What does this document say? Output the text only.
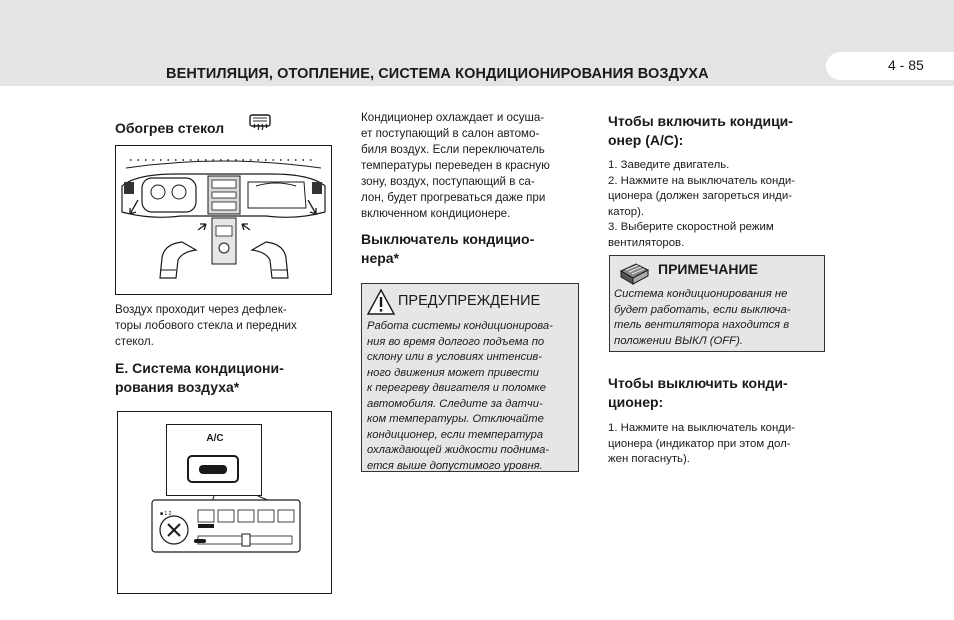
ВЕНТИЛЯЦИЯ, ОТОПЛЕНИЕ, СИСТЕМА КОНДИЦИОНИРОВАНИЯ ВОЗДУХА
4 - 85
Обогрев стекол
Воздух проходит через дефлек-
торы лобового стекла и передних
стекол.
Е. Система кондициони-
рования воздуха*
A/C
■ 1 2
Кондиционер охлаждает и осуша-
ет поступающий в салон автомо-
биля воздух. Если переключатель
температуры переведен в красную
зону, воздух, поступающий в са-
лон, будет прогреваться даже при
включенном кондиционере.
Выключатель кондицио-
нера*
ПРЕДУПРЕЖДЕНИЕ
Работа системы кондиционирова-
ния во время долгого подъема по
склону или в условиях интенсив-
ного движения может привести
к перегреву двигателя и поломке
автомобиля. Следите за датчи-
ком температуры. Отключайте
кондиционер, если температура
охлаждающей жидкости поднима-
ется выше допустимого уровня.
Чтобы включить кондици-
онер (A/C):
1. Заведите двигатель.
2. Нажмите на выключатель конди-
ционера (должен загореться инди-
катор).
3. Выберите скоростной режим
вентиляторов.
ПРИМЕЧАНИЕ
Система кондиционирования не
будет работать, если выключа-
тель вентилятора находится в
положении ВЫКЛ (OFF).
Чтобы выключить конди-
ционер:
1. Нажмите на выключатель конди-
ционера (индикатор при этом дол-
жен погаснуть).
